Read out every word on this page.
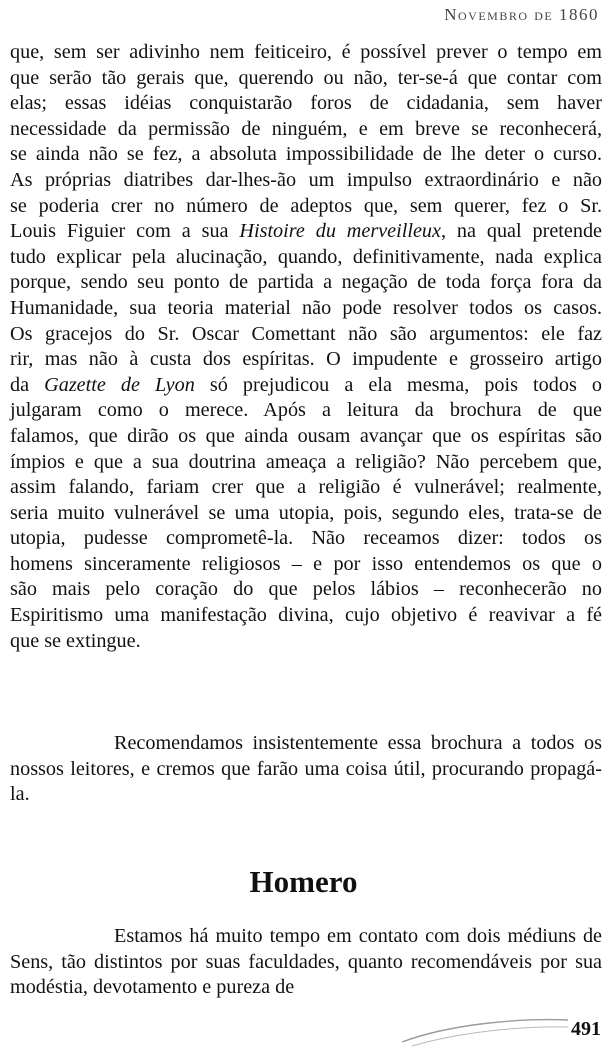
Novembro de 1860
que, sem ser adivinho nem feiticeiro, é possível prever o tempo em
que serão tão gerais que, querendo ou não, ter-se-á que contar com
elas; essas idéias conquistarão foros de cidadania, sem haver
necessidade da permissão de ninguém, e em breve se reconhecerá,
se ainda não se fez, a absoluta impossibilidade de lhe deter o curso.
As próprias diatribes dar-lhes-ão um impulso extraordinário e não
se poderia crer no número de adeptos que, sem querer, fez o Sr.
Louis Figuier com a sua Histoire du merveilleux, na qual pretende
tudo explicar pela alucinação, quando, definitivamente, nada explica
porque, sendo seu ponto de partida a negação de toda força fora da
Humanidade, sua teoria material não pode resolver todos os casos.
Os gracejos do Sr. Oscar Comettant não são argumentos: ele faz
rir, mas não à custa dos espíritas. O impudente e grosseiro artigo
da Gazette de Lyon só prejudicou a ela mesma, pois todos o
julgaram como o merece. Após a leitura da brochura de que
falamos, que dirão os que ainda ousam avançar que os espíritas são
ímpios e que a sua doutrina ameaça a religião? Não percebem que,
assim falando, fariam crer que a religião é vulnerável; realmente,
seria muito vulnerável se uma utopia, pois, segundo eles, trata-se de
utopia, pudesse comprometê-la. Não receamos dizer: todos os
homens sinceramente religiosos – e por isso entendemos os que o
são mais pelo coração do que pelos lábios – reconhecerão no
Espiritismo uma manifestação divina, cujo objetivo é reavivar a fé
que se extingue.
Recomendamos insistentemente essa brochura a todos os nossos leitores, e cremos que farão uma coisa útil, procurando propagá-la.
Homero
Estamos há muito tempo em contato com dois médiuns de Sens, tão distintos por suas faculdades, quanto recomendáveis por sua modéstia, devotamento e pureza de
491
